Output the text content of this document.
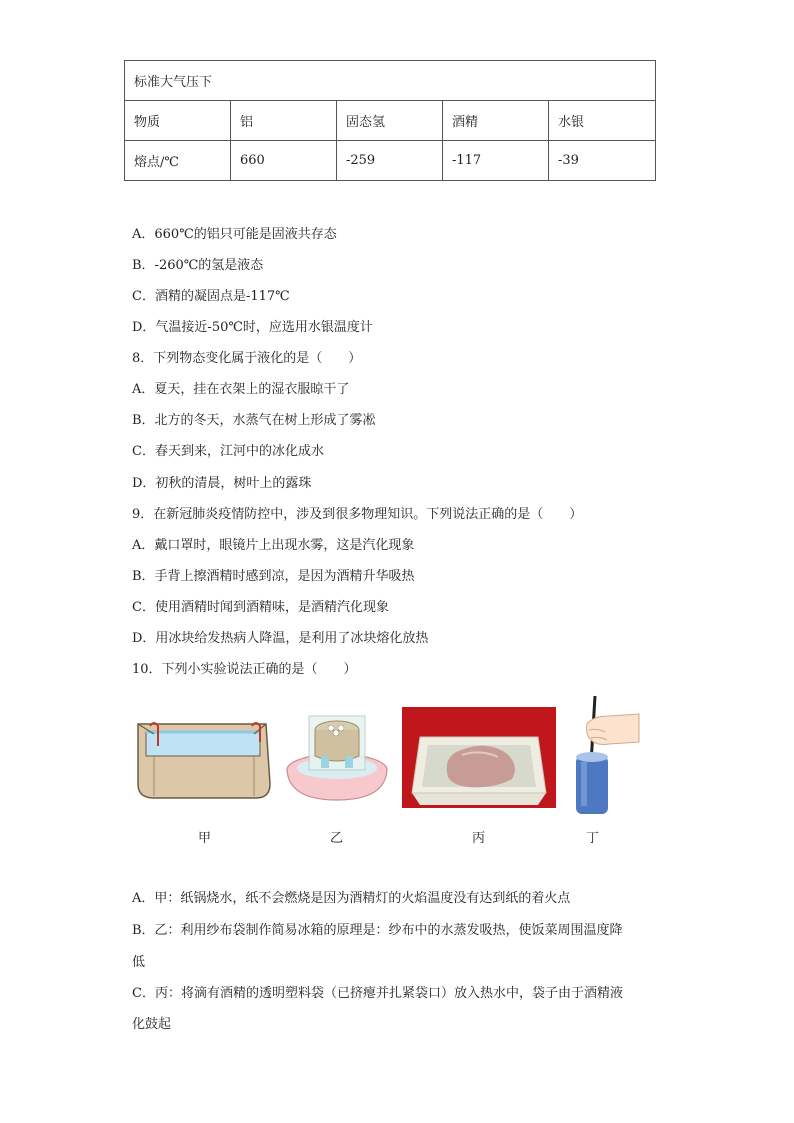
标准大气压下				
物质	铝	固态氢	酒精	水银
熔点/℃	660	-259	-117	-39
A．660℃的铝只可能是固液共存态
B．-260℃的氢是液态
C．酒精的凝固点是-117℃
D．气温接近-50℃时，应选用水银温度计
8．下列物态变化属于液化的是（　　）
A．夏天，挂在衣架上的湿衣服晾干了
B．北方的冬天，水蒸气在树上形成了雾凇
C．春天到来，江河中的冰化成水
D．初秋的清晨，树叶上的露珠
9．在新冠肺炎疫情防控中，涉及到很多物理知识。下列说法正确的是（　　）
A．戴口罩时，眼镜片上出现水雾，这是汽化现象
B．手背上擦酒精时感到凉，是因为酒精升华吸热
C．使用酒精时闻到酒精味，是酒精汽化现象
D．用冰块给发热病人降温，是利用了冰块熔化放热
10．下列小实验说法正确的是（　　）
甲	乙	丙	丁
A．甲：纸锅烧水，纸不会燃烧是因为酒精灯的火焰温度没有达到纸的着火点
B．乙：利用纱布袋制作简易冰箱的原理是：纱布中的水蒸发吸热，使饭菜周围温度降
低
C．丙：将滴有酒精的透明塑料袋（已挤瘪并扎紧袋口）放入热水中，袋子由于酒精液
化鼓起
